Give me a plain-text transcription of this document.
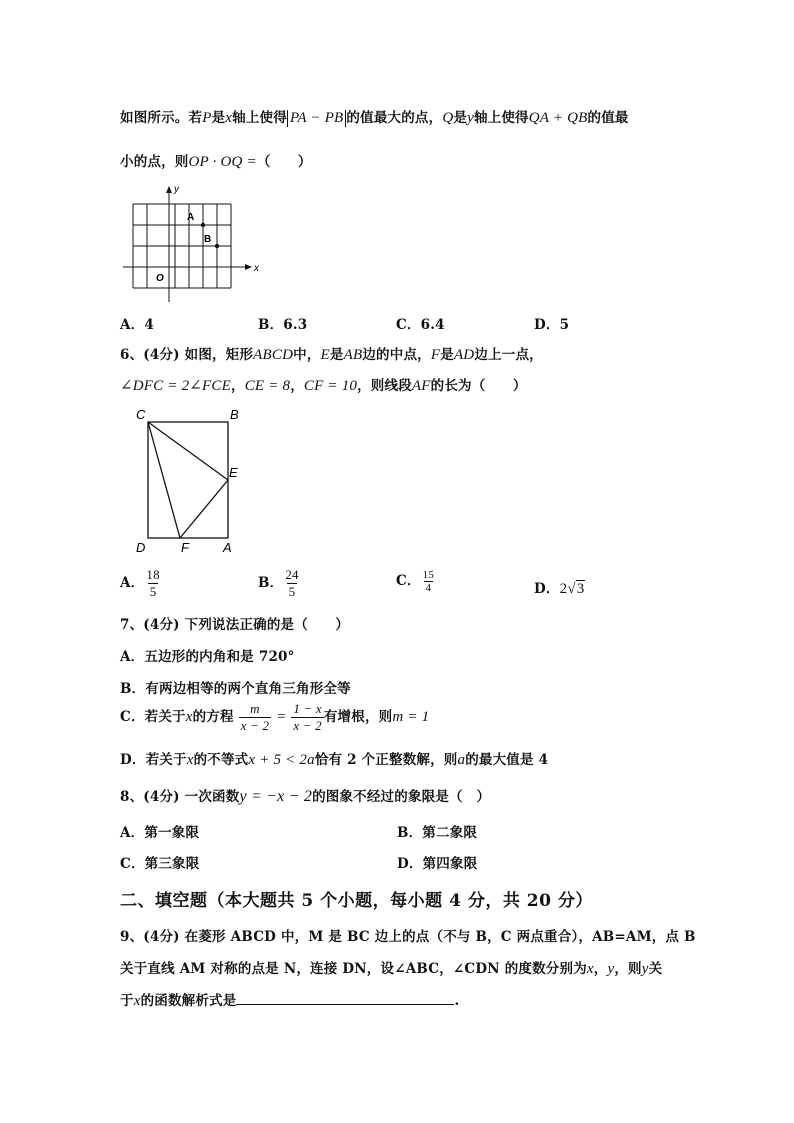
如图所示。若P是x轴上使得 PA − PB 的值最大的点，Q是y轴上使得QA + QB的值最
小的点，则OP · OQ =（　　）
y
x
O
A
B
A．4	B．6.3	C．6.4	D．5
6、(4分) 如图，矩形ABCD中，E是AB边的中点，F是AD边上一点，
∠DFC = 2∠FCE，CE = 8，CF = 10，则线段AF的长为（　　）
C	B
E
D	F	A
A． $\frac{18}{5}$	B． $\frac{24}{5}$	C． $\frac{15}{4}$	D．2√3
7、(4分) 下列说法正确的是（　　）
A．五边形的内角和是 720°
B．有两边相等的两个直角三角形全等
C．若关于x的方程 $\frac{m}{x - 2} = \frac{1 - x}{x - 2}$ 有增根，则m = 1
D．若关于x的不等式x + 5 < 2a恰有 2 个正整数解，则a的最大值是 4
8、(4分) 一次函数y = −x − 2的图象不经过的象限是（　）
A．第一象限	B．第二象限
C．第三象限	D．第四象限
二、填空题（本大题共 5 个小题，每小题 4 分，共 20 分）
9、(4分) 在菱形 ABCD 中，M 是 BC 边上的点（不与 B，C 两点重合），AB=AM，点 B
关于直线 AM 对称的点是 N，连接 DN，设∠ABC，∠CDN 的度数分别为x，y，则y关
于x的函数解析式是	.
